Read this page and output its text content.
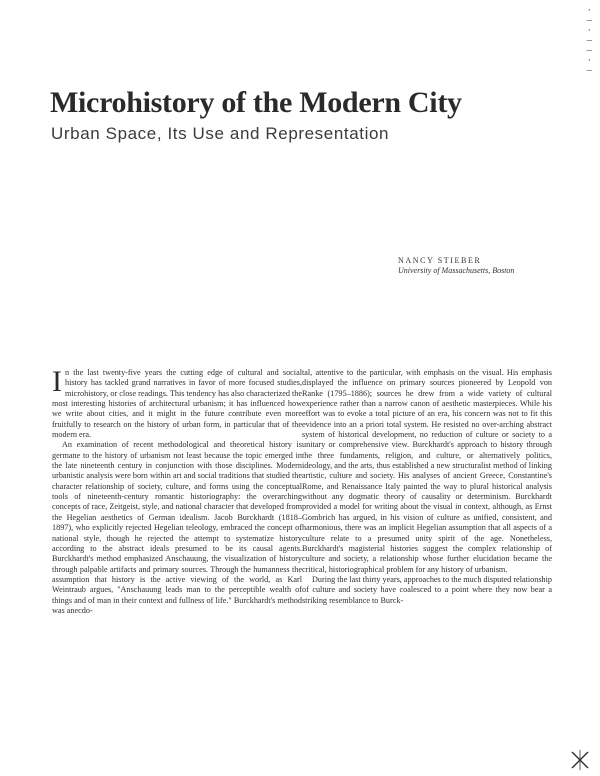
·
—
·
—
—
·
—
Microhistory of the Modern City
Urban Space, Its Use and Representation
NANCY STIEBER
University of Massachusetts, Boston

In the last twenty-five years the cutting edge of cultural and social history has tackled grand narratives in favor of more focused studies, microhistory, or close readings. This tendency has also characterized the most interesting histories of architectural urbanism; it has influenced how we write about cities, and it might in the future contribute even more fruitfully to research on the history of urban form, in particular that of the modern era.

An examination of recent methodological and theoretical history is germane to the history of urbanism not least because the topic emerged in the late nineteenth century in conjunction with those disciplines. Modern urbanistic analysis were born within art and social traditions that studied the character relationship of society, culture, and forms using the conceptual tools of nineteenth-century romantic historiography: the overarching concepts of race, Zeitgeist, style, and national character that developed from the Hegelian aesthetics of German idealism. Jacob Burckhardt (1818–1897), who explicitly rejected Hegelian teleology, embraced the concept of national style, though he rejected the attempt to systematize history according to the abstract ideals presumed to be its causal agents. Burckhardt's method emphasized Anschauung, the visualization of history through palpable artifacts and primary sources. Through the humanness the assumption that history is the active viewing of the world, as Karl Weintraub argues, "Anschauung leads man to the perceptible wealth of things and of man in their context and fullness of life." Burckhardt's method was anecdo-

tal, attentive to the particular, with emphasis on the visual. His emphasis displayed the influence on primary sources pioneered by Leopold von Ranke (1795–1886); sources he drew from a wide variety of cultural experience rather than a narrow canon of aesthetic masterpieces. While his effort was to evoke a total picture of an era, his concern was not to fit this evidence into an a priori total system. He resisted no over-arching abstract system of historical development, no reduction of culture or society to a unitary or comprehensive view. Burckhardt's approach to history through the three fundaments, religion, and culture, or alternatively politics, ideology, and the arts, thus established a new structuralist method of linking artistic, culture and society. His analyses of ancient Greece, Constantine's Rome, and Renaissance Italy painted the way to plural historical analysis without any dogmatic theory of causality or determinism. Burckhardt provided a model for writing about the visual in context, although, as Ernst Gombrich has argued, in his vision of culture as unified, consistent, and harmonious, there was an implicit Hegelian assumption that all aspects of a culture relate to a presumed unity spirit of the age. Nonetheless, Burckhardt's magisterial histories suggest the complex relationship of culture and society, a relationship whose further elucidation became the critical, historiographical problem for any history of urbanism.

During the last thirty years, approaches to the much disputed relationship of culture and society have coalesced to a point where they now bear a striking resemblance to Burck-
